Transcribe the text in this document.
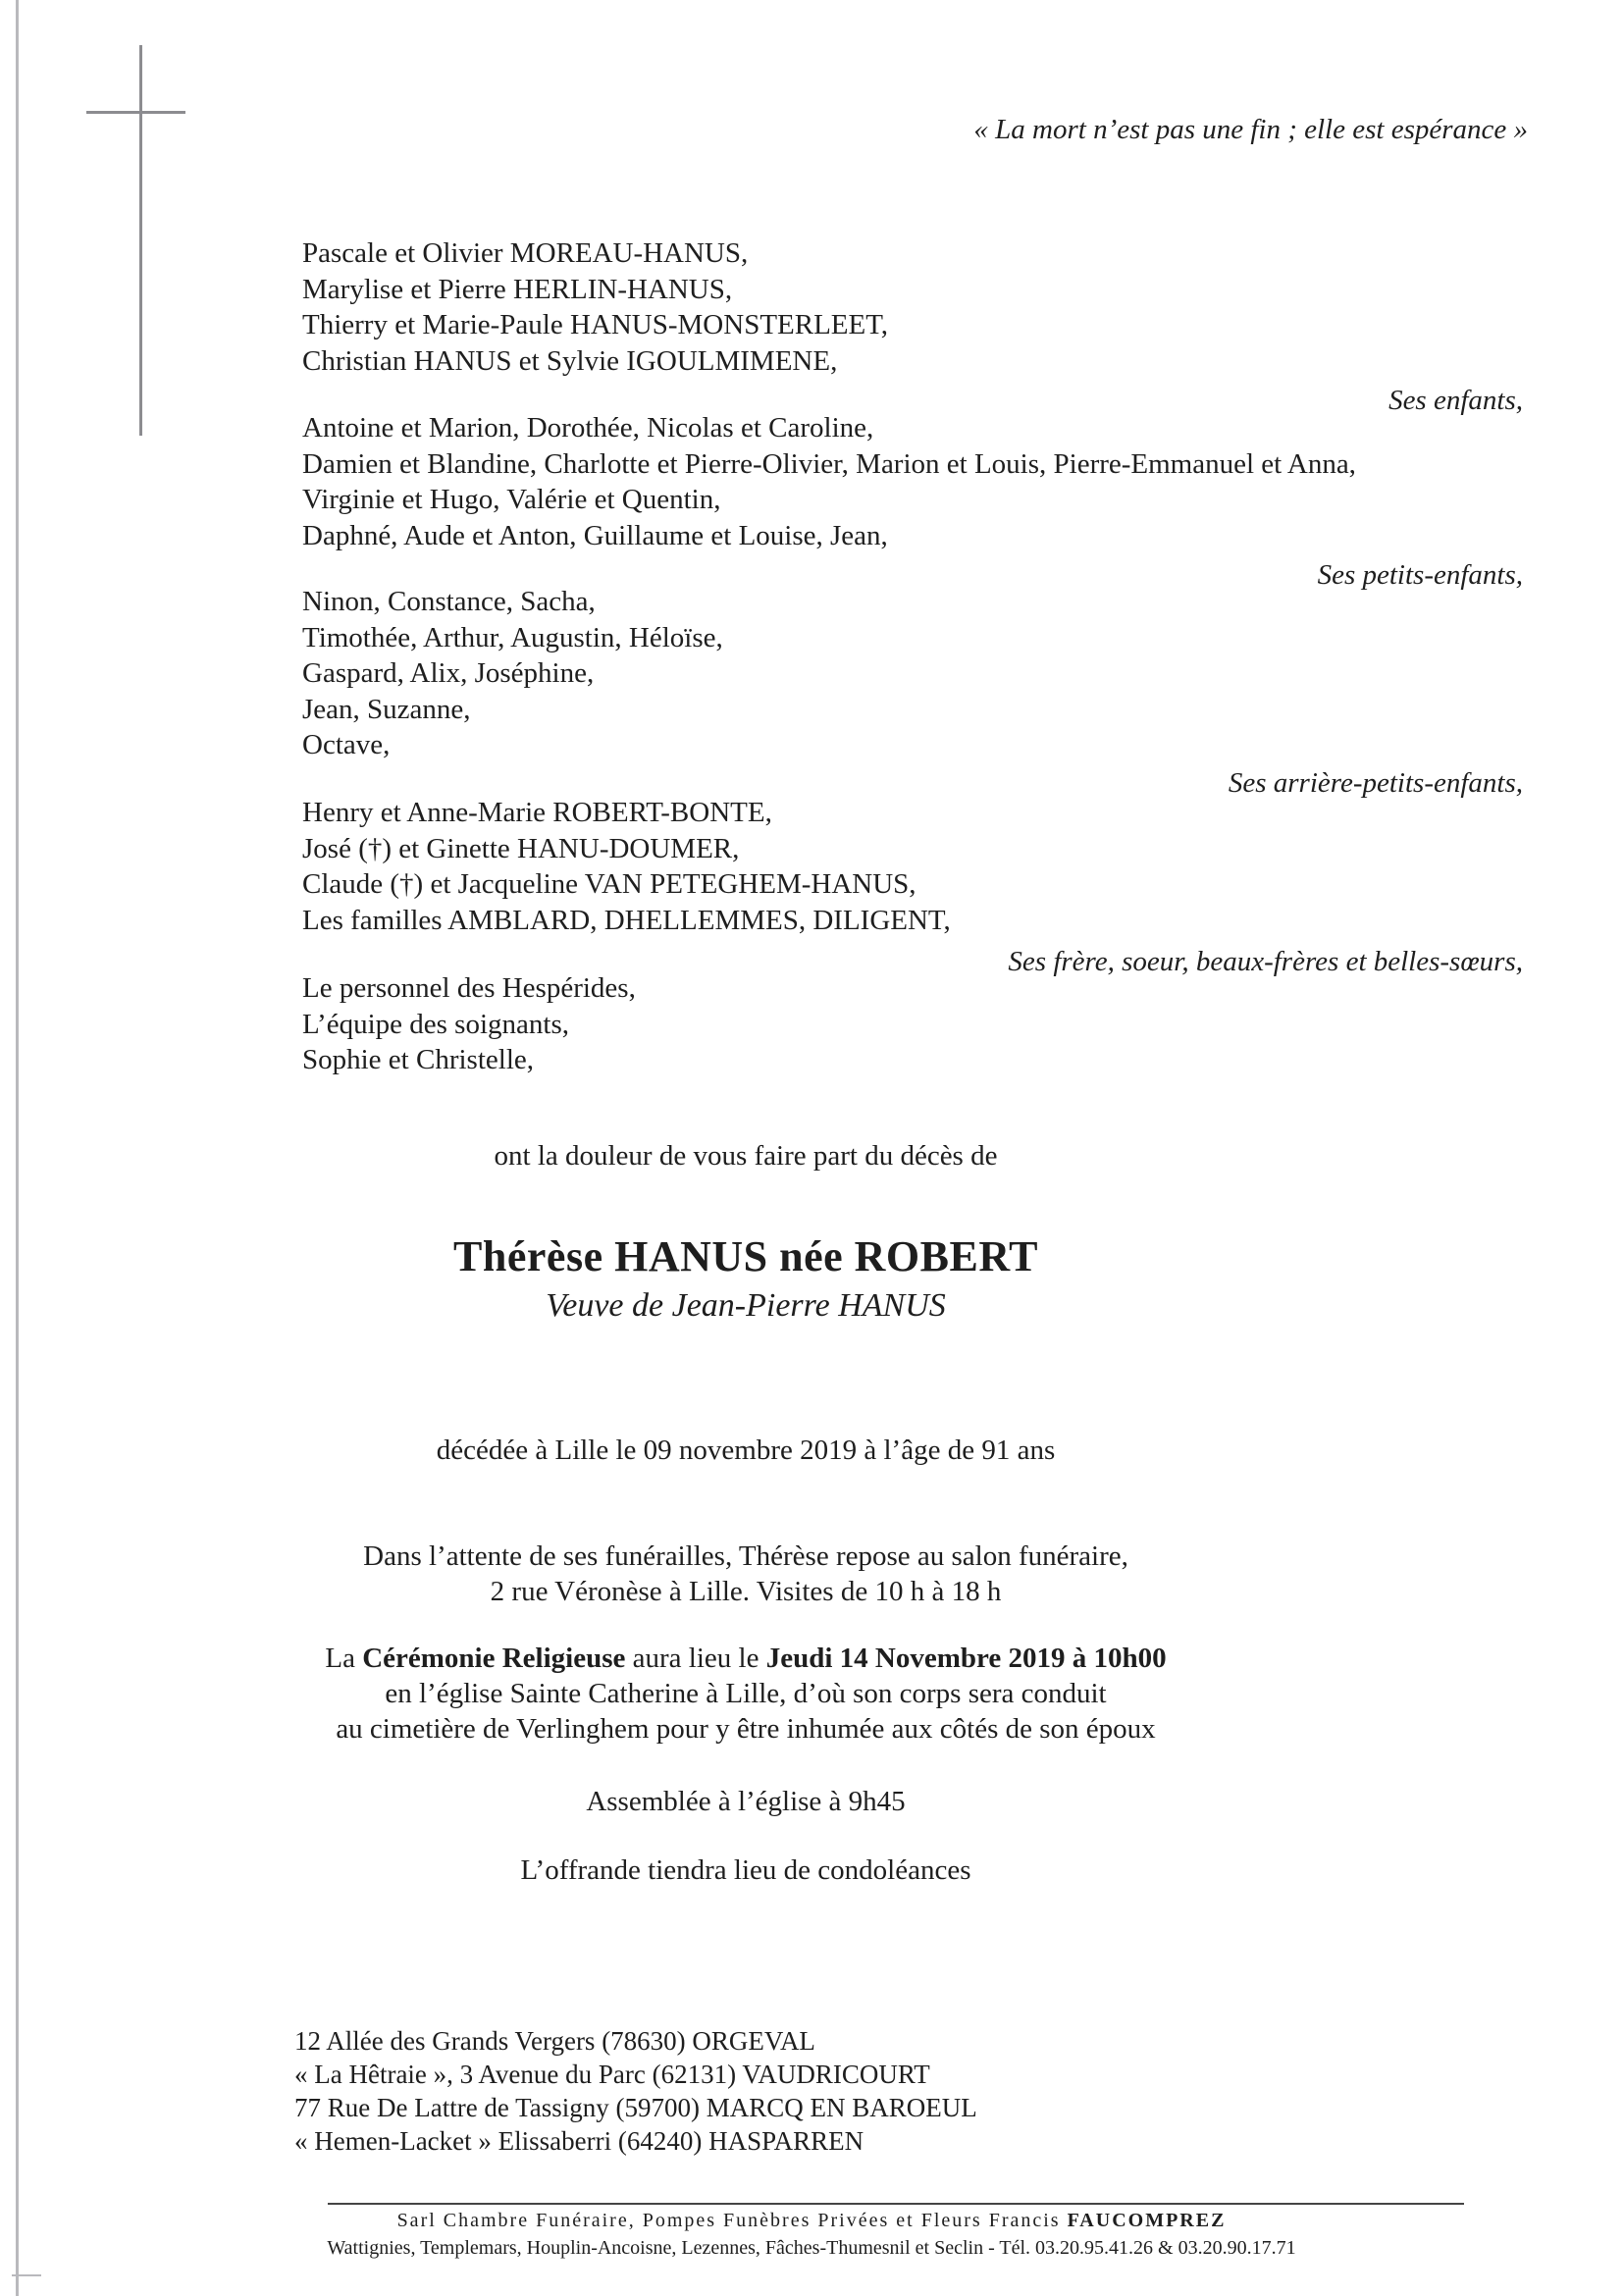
« La mort n’est pas une fin ; elle est espérance »
Pascale et Olivier MOREAU-HANUS,
Marylise et Pierre HERLIN-HANUS,
Thierry et Marie-Paule HANUS-MONSTERLEET,
Christian HANUS et Sylvie IGOULMIMENE,
Ses enfants,
Antoine et Marion, Dorothée, Nicolas et Caroline,
Damien et Blandine, Charlotte et Pierre-Olivier, Marion et Louis, Pierre-Emmanuel et Anna,
Virginie et Hugo, Valérie et Quentin,
Daphné, Aude et Anton, Guillaume et Louise, Jean,
Ses petits-enfants,
Ninon, Constance, Sacha,
Timothée, Arthur, Augustin, Héloïse,
Gaspard, Alix, Joséphine,
Jean, Suzanne,
Octave,
Ses arrière-petits-enfants,
Henry et Anne-Marie ROBERT-BONTE,
José (†) et Ginette HANU-DOUMER,
Claude (†) et Jacqueline VAN PETEGHEM-HANUS,
Les familles AMBLARD, DHELLEMMES, DILIGENT,
Ses frère, soeur, beaux-frères et belles-sœurs,
Le personnel des Hespérides,
L’équipe des soignants,
Sophie et Christelle,
ont la douleur de vous faire part du décès de
Thérèse HANUS née ROBERT
Veuve de Jean-Pierre HANUS
décédée à Lille le 09 novembre 2019 à l’âge de 91 ans
Dans l’attente de ses funérailles, Thérèse repose au salon funéraire,
2 rue Véronèse à Lille. Visites de 10 h à 18 h
La Cérémonie Religieuse aura lieu le Jeudi 14 Novembre 2019 à 10h00
en l’église Sainte Catherine à Lille, d’où son corps sera conduit
au cimetière de Verlinghem pour y être inhumée aux côtés de son époux
Assemblée à l’église à 9h45
L’offrande tiendra lieu de condoléances
12 Allée des Grands Vergers (78630) ORGEVAL
« La Hêtraie », 3 Avenue du Parc (62131) VAUDRICOURT
77 Rue De Lattre de Tassigny (59700) MARCQ EN BAROEUL
« Hemen-Lacket » Elissaberri (64240) HASPARREN
Sarl Chambre Funéraire, Pompes Funèbres Privées et Fleurs Francis FAUCOMPREZ
Wattignies, Templemars, Houplin-Ancoisne, Lezennes, Fâches-Thumesnil et Seclin - Tél. 03.20.95.41.26 & 03.20.90.17.71
